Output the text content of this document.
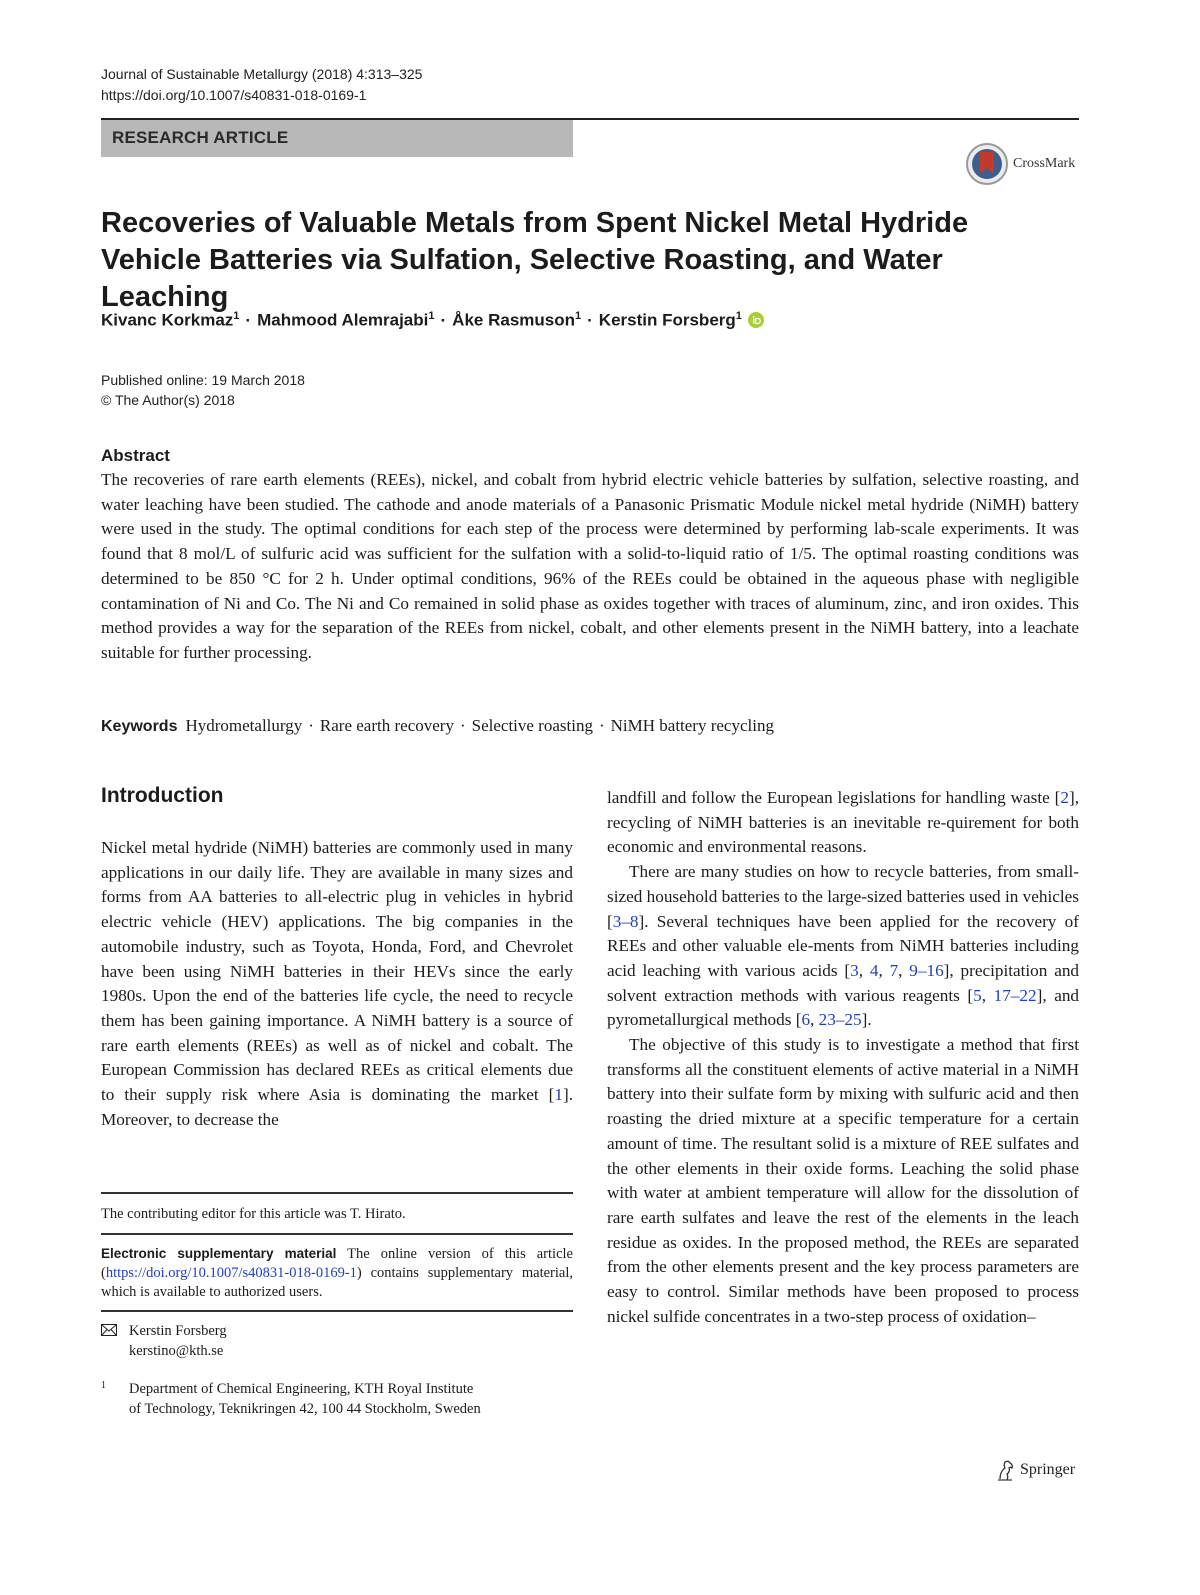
Journal of Sustainable Metallurgy (2018) 4:313–325
https://doi.org/10.1007/s40831-018-0169-1
RESEARCH ARTICLE
CrossMark
Recoveries of Valuable Metals from Spent Nickel Metal Hydride Vehicle Batteries via Sulfation, Selective Roasting, and Water Leaching
Kivanc Korkmaz$^1$ · Mahmood Alemrajabi$^1$ · Åke Rasmuson$^1$ · Kerstin Forsberg$^1$
Published online: 19 March 2018
© The Author(s) 2018
Abstract

The recoveries of rare earth elements (REEs), nickel, and cobalt from hybrid electric vehicle batteries by sulfation, selective roasting, and water leaching have been studied. The cathode and anode materials of a Panasonic Prismatic Module nickel metal hydride (NiMH) battery were used in the study. The optimal conditions for each step of the process were determined by performing lab-scale experiments. It was found that 8 mol/L of sulfuric acid was sufficient for the sulfation with a solid-to-liquid ratio of 1/5. The optimal roasting conditions was determined to be 850 °C for 2 h. Under optimal conditions, 96% of the REEs could be obtained in the aqueous phase with negligible contamination of Ni and Co. The Ni and Co remained in solid phase as oxides together with traces of aluminum, zinc, and iron oxides. This method provides a way for the separation of the REEs from nickel, cobalt, and other elements present in the NiMH battery, into a leachate suitable for further processing.

Keywords Hydrometallurgy · Rare earth recovery · Selective roasting · NiMH battery recycling
Introduction

Nickel metal hydride (NiMH) batteries are commonly used in many applications in our daily life. They are available in many sizes and forms from AA batteries to all-electric plug in vehicles in hybrid electric vehicle (HEV) applications. The big companies in the automobile industry, such as Toyota, Honda, Ford, and Chevrolet have been using NiMH batteries in their HEVs since the early 1980s. Upon the end of the batteries life cycle, the need to recycle them has been gaining importance. A NiMH battery is a source of rare earth elements (REEs) as well as of nickel and cobalt. The European Commission has declared REEs as critical elements due to their supply risk where Asia is dominating the market [1]. Moreover, to decrease the

landfill and follow the European legislations for handling waste [2], recycling of NiMH batteries is an inevitable re-quirement for both economic and environmental reasons.

There are many studies on how to recycle batteries, from small-sized household batteries to the large-sized batteries used in vehicles [3–8]. Several techniques have been applied for the recovery of REEs and other valuable ele-ments from NiMH batteries including acid leaching with various acids [3, 4, 7, 9–16], precipitation and solvent extraction methods with various reagents [5, 17–22], and pyrometallurgical methods [6, 23–25].

The objective of this study is to investigate a method that first transforms all the constituent elements of active material in a NiMH battery into their sulfate form by mixing with sulfuric acid and then roasting the dried mixture at a specific temperature for a certain amount of time. The resultant solid is a mixture of REE sulfates and the other elements in their oxide forms. Leaching the solid phase with water at ambient temperature will allow for the dissolution of rare earth sulfates and leave the rest of the elements in the leach residue as oxides. In the proposed method, the REEs are separated from the other elements present and the key process parameters are easy to control. Similar methods have been proposed to process nickel sulfide concentrates in a two-step process of oxidation–

The contributing editor for this article was T. Hirato.
Electronic supplementary material The online version of this article (https://doi.org/10.1007/s40831-018-0169-1) contains supplementary material, which is available to authorized users.
Kerstin Forsberg
kerstino@kth.se
1 Department of Chemical Engineering, KTH Royal Institute
of Technology, Teknikringen 42, 100 44 Stockholm, Sweden
Springer
